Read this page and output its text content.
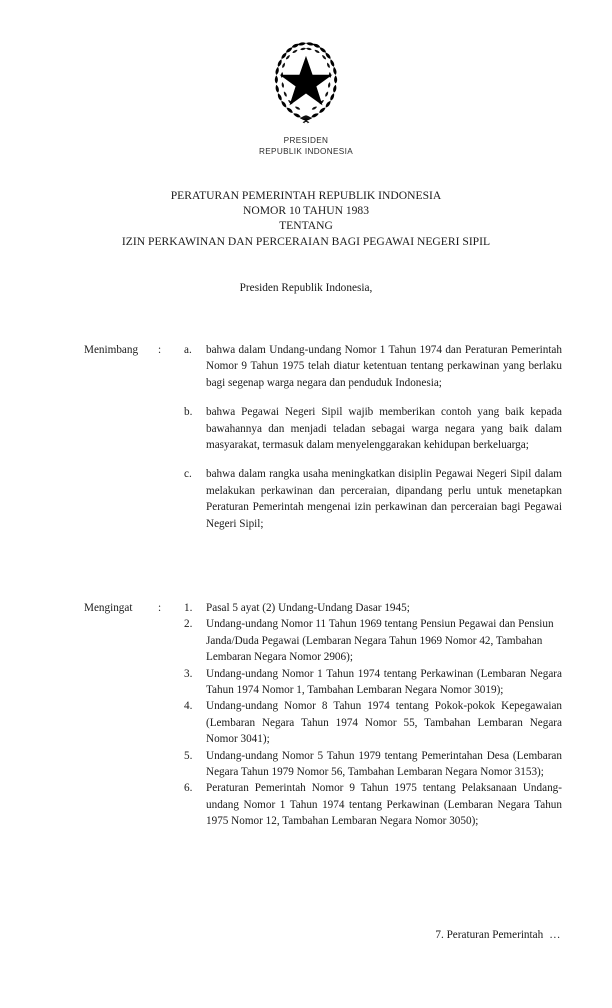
PRESIDEN
REPUBLIK INDONESIA
PERATURAN PEMERINTAH REPUBLIK INDONESIA
NOMOR 10 TAHUN 1983
TENTANG
IZIN PERKAWINAN DAN PERCERAIAN BAGI PEGAWAI NEGERI SIPIL
Presiden Republik Indonesia,
Menimbang	:	a.	bahwa dalam Undang-undang Nomor 1 Tahun 1974 dan Peraturan Pemerintah Nomor 9 Tahun 1975 telah diatur ketentuan tentang perkawinan yang berlaku bagi segenap warga negara dan penduduk Indonesia;
b.	bahwa Pegawai Negeri Sipil wajib memberikan contoh yang baik kepada bawahannya dan menjadi teladan sebagai warga negara yang baik dalam masyarakat, termasuk dalam menyelenggarakan kehidupan berkeluarga;
c.	bahwa dalam rangka usaha meningkatkan disiplin Pegawai Negeri Sipil dalam melakukan perkawinan dan perceraian, dipandang perlu untuk menetapkan Peraturan Pemerintah mengenai izin perkawinan dan perceraian bagi Pegawai Negeri Sipil;
Mengingat	:	1.	Pasal 5 ayat (2) Undang-Undang Dasar 1945;
2.	Undang-undang Nomor 11 Tahun 1969 tentang Pensiun Pegawai dan Pensiun Janda/Duda Pegawai (Lembaran Negara Tahun 1969 Nomor 42, Tambahan Lembaran Negara Nomor 2906);
3.	Undang-undang Nomor 1 Tahun 1974 tentang Perkawinan (Lembaran Negara Tahun 1974 Nomor 1, Tambahan Lembaran Negara Nomor 3019);
4.	Undang-undang Nomor 8 Tahun 1974 tentang Pokok-pokok Kepegawaian (Lembaran Negara Tahun 1974 Nomor 55, Tambahan Lembaran Negara Nomor 3041);
5.	Undang-undang Nomor 5 Tahun 1979 tentang Pemerintahan Desa (Lembaran Negara Tahun 1979 Nomor 56, Tambahan Lembaran Negara Nomor 3153);
6.	Peraturan Pemerintah Nomor 9 Tahun 1975 tentang Pelaksanaan Undang-undang Nomor 1 Tahun 1974 tentang Perkawinan (Lembaran Negara Tahun 1975 Nomor 12, Tambahan Lembaran Negara Nomor 3050);
7. Peraturan Pemerintah …
